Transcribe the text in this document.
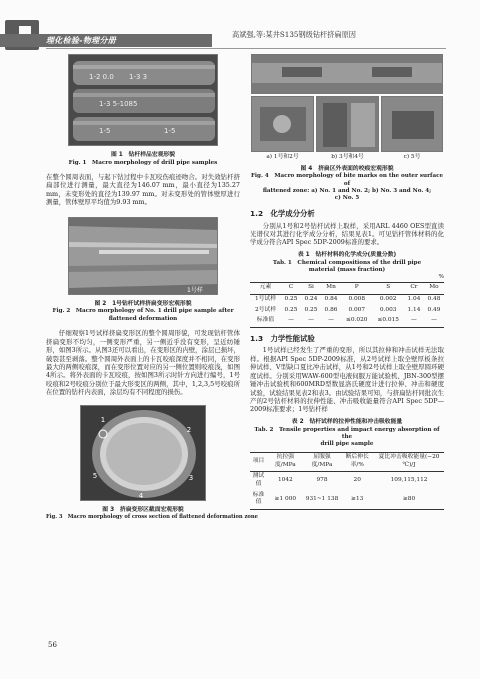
理化检验-物理分册
高斌强,等:某井S135钢级钻杆挤扁原因
1-2 0.0 1-3 3
1-3 5-1085
1-5	1-5
图 1　钻杆样品宏观形貌
Fig. 1　Macro morphology of drill pipe samples

在整个圆周表面，与起下钻过程中卡瓦咬伤痕迹吻合。对失效钻杆挤扁部位进行测量，最大直径为146.07 mm，最小直径为135.27 mm，未变形处的直径为139.97 mm。对未变形处的管体壁厚进行测量，管体壁厚平均值为9.93 mm。

1号样
图 2　1号钻杆试样挤扁变形宏观形貌
Fig. 2　Macro morphology of No. 1 drill pipe sample after
flattened deformation

仔细观察1号试样挤扁变形区的整个圆周形貌，可发现钻杆管体挤扁变形不均匀，一侧变形严重，另一侧近乎没有变形，呈近纺锤形，如图3所示。从图3还可以看出，在变形区的内壁，涂层已损坏，破裂甚至剥落。整个圆周外表面上的卡瓦咬痕深度并不相同，在变形最大的两侧咬痕深，而在变形位置对应的另一侧位置则咬痕浅，如图4所示。将外表面的卡瓦咬痕，按如图3所示时针方向进行编号，1号咬痕和2号咬痕分别位于最大形变区的两侧，其中，1,2,3,5号咬痕所在位置的钻杆内表面，涂层均有不同程度的损伤。

1
2
3
4
5
图 3　挤扁变形区截面宏观形貌
Fig. 3　Macro morphology of cross section of flattened deformation zone
56
a) 1号和2号	b) 3号和4号	c) 5号
图 4　挤扁区外表面的咬痕宏观形貌
Fig. 4　Macro morphology of bite marks on the outer surface of
flattened zone: a) No. 1 and No. 2; b) No. 3 and No. 4;
c) No. 5
1.2　化学成分分析

分别从1号和2号钻杆试样上取样，采用ARL 4460 OES型直读光谱仪对其进行化学成分分析，结果见表1。可见钻杆管体材料的化学成分符合API Spec 5DP-2009标准的要求。

表 1　钻杆材料的化学成分(质量分数)
Tab. 1　Chemical compositions of the drill pipe
material (mass fraction)
%
元素	C	Si	Mn	P	S	Cr	Mo
1号试样	0.25	0.24	0.84	0.008	0.002	1.04	0.48
2号试样	0.25	0.25	0.86	0.007	0.003	1.14	0.49
标准值	—	—	—	≤0.020	≤0.015	—	—
1.3　力学性能试验

1号试样已经发生了严重的变形，所以其拉伸和冲击试样无法取样。根据API Spec 5DP-2009标准，从2号试样上取全壁厚板条拉伸试样、V型缺口夏比冲击试样，从1号和2号试样上取全壁厚圆环硬度试样。分别采用WAW-600型电液伺服万能试验机、JBN-300型摆锤冲击试验机和600MRD型数显洛氏硬度计进行拉伸、冲击和硬度试验，试验结果见表2和表3。由试验结果可知，与挤扁钻杆同批次生产的2号钻杆材料的拉伸性能、冲击吸收能量符合API Spec 5DP—2009标准要求；1号钻杆样

表 2　钻杆试样的拉伸性能和冲击吸收能量
Tab. 2　Tensile properties and impact energy absorption of the
drill pipe sample
项目	抗拉强度/MPa	屈服强度/MPa	断后伸长率/%	夏比冲击吸收能量(−20 ℃)/J
测试值	1042	978	20	109,115,112
标准值	≥1 000	931~1 138	≥13	≥80
